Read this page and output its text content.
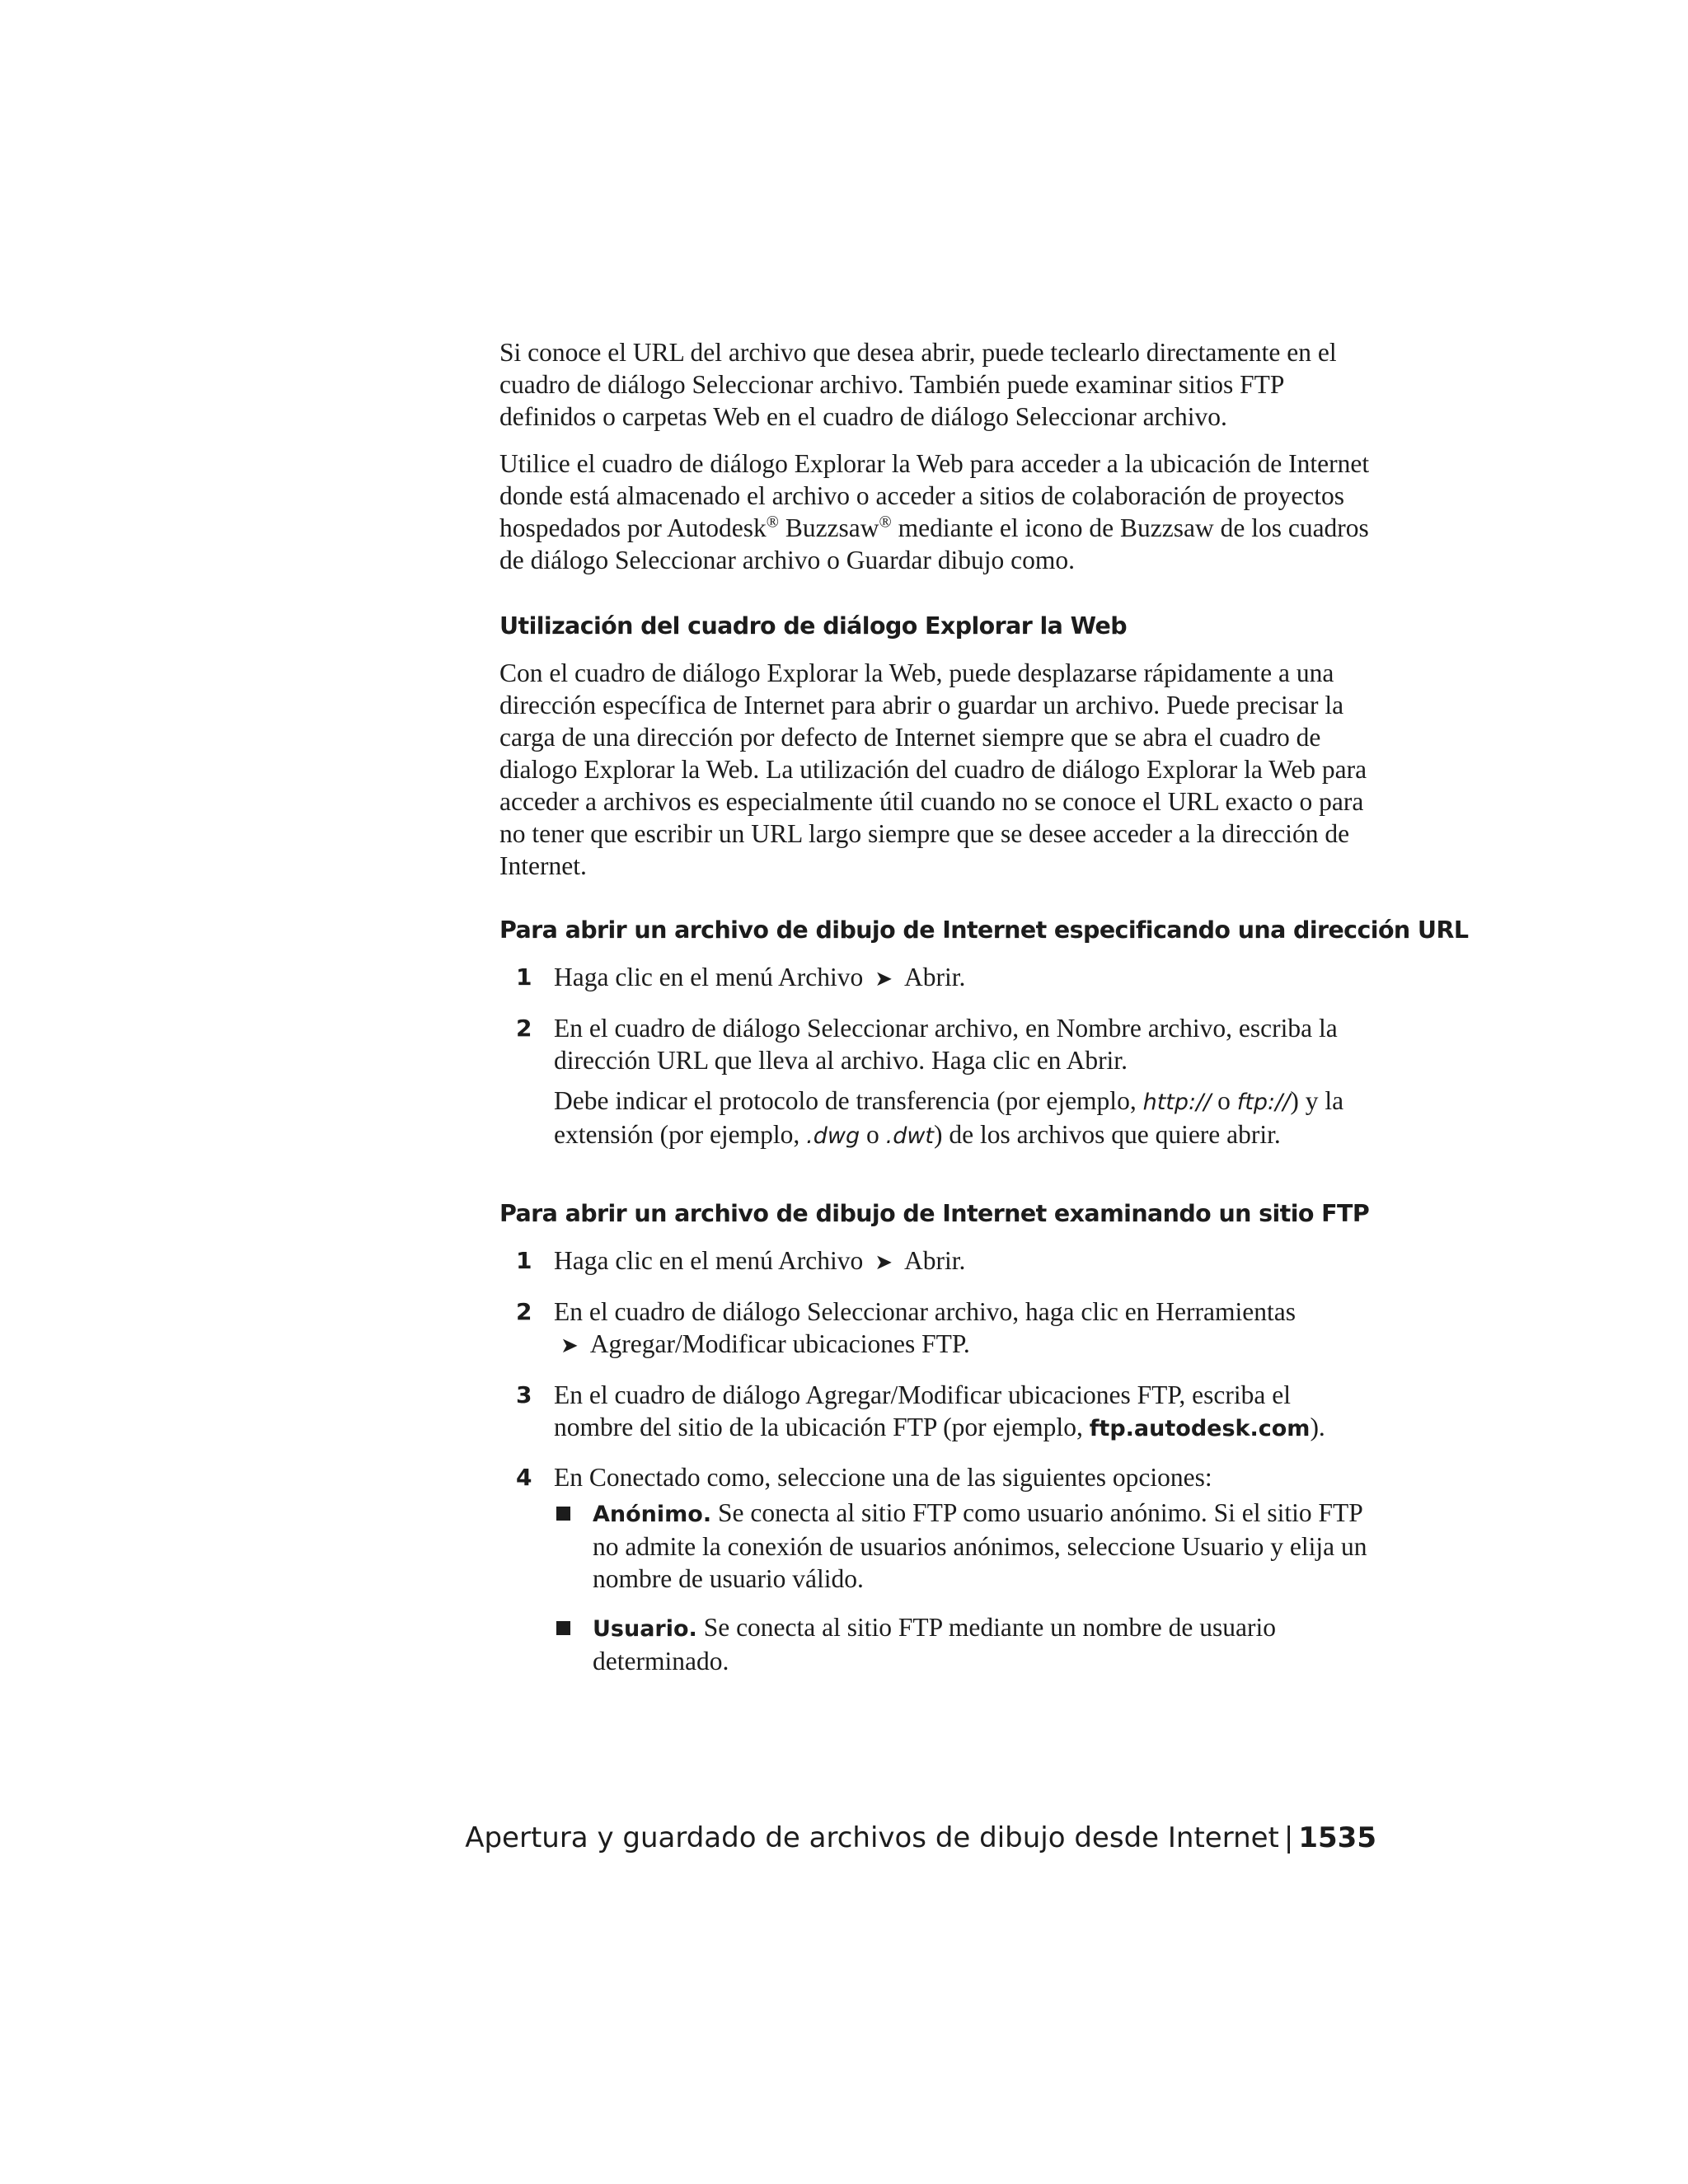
Si conoce el URL del archivo que desea abrir, puede teclearlo directamente en el cuadro de diálogo Seleccionar archivo. También puede examinar sitios FTP definidos o carpetas Web en el cuadro de diálogo Seleccionar archivo.

Utilice el cuadro de diálogo Explorar la Web para acceder a la ubicación de Internet donde está almacenado el archivo o acceder a sitios de colaboración de proyectos hospedados por Autodesk® Buzzsaw® mediante el icono de Buzzsaw de los cuadros de diálogo Seleccionar archivo o Guardar dibujo como.

Utilización del cuadro de diálogo Explorar la Web

Con el cuadro de diálogo Explorar la Web, puede desplazarse rápidamente a una dirección específica de Internet para abrir o guardar un archivo. Puede precisar la carga de una dirección por defecto de Internet siempre que se abra el cuadro de dialogo Explorar la Web. La utilización del cuadro de diálogo Explorar la Web para acceder a archivos es especialmente útil cuando no se conoce el URL exacto o para no tener que escribir un URL largo siempre que se desee acceder a la dirección de Internet.

Para abrir un archivo de dibujo de Internet especificando una dirección URL
1 Haga clic en el menú Archivo ➤ Abrir.
2 En el cuadro de diálogo Seleccionar archivo, en Nombre archivo, escriba la dirección URL que lleva al archivo. Haga clic en Abrir.

Debe indicar el protocolo de transferencia (por ejemplo, http:// o ftp://) y la extensión (por ejemplo, .dwg o .dwt) de los archivos que quiere abrir.

Para abrir un archivo de dibujo de Internet examinando un sitio FTP
1 Haga clic en el menú Archivo ➤ Abrir.
2 En el cuadro de diálogo Seleccionar archivo, haga clic en Herramientas
➤ Agregar/Modificar ubicaciones FTP.

3 En el cuadro de diálogo Agregar/Modificar ubicaciones FTP, escriba el nombre del sitio de la ubicación FTP (por ejemplo, ftp.autodesk.com).

4 En Conectado como, seleccione una de las siguientes opciones:

Anónimo. Se conecta al sitio FTP como usuario anónimo. Si el sitio FTP no admite la conexión de usuarios anónimos, seleccione Usuario y elija un nombre de usuario válido.
Usuario. Se conecta al sitio FTP mediante un nombre de usuario determinado.
Apertura y guardado de archivos de dibujo desde Internet | 1535
